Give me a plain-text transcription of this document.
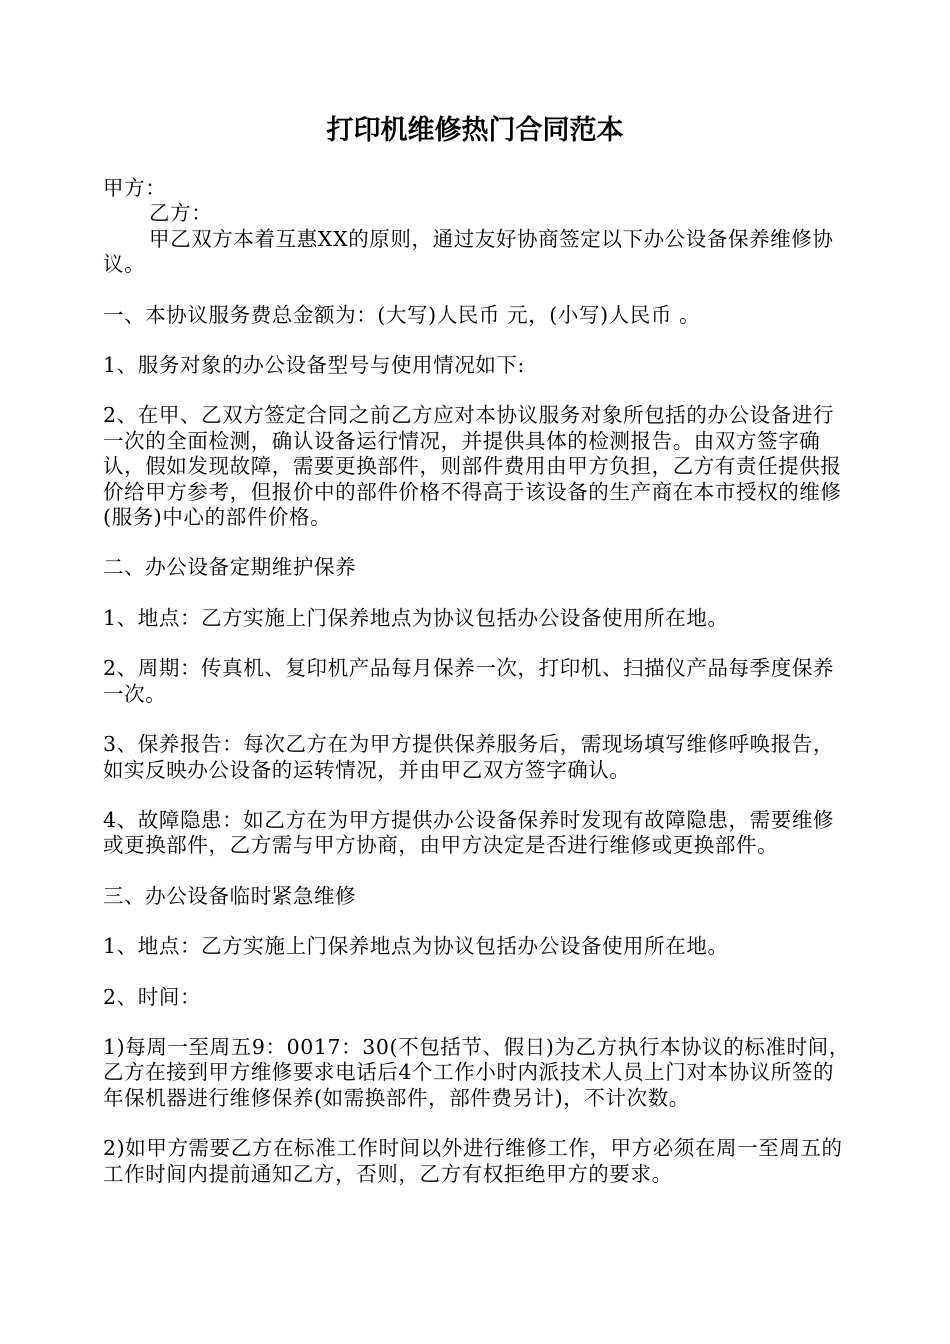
打印机维修热门合同范本

甲方：

乙方：

甲乙双方本着互惠XX的原则，通过友好协商签定以下办公设备保养维修协议。

一、本协议服务费总金额为：(大写)人民币 元，(小写)人民币 。

1、服务对象的办公设备型号与使用情况如下:

2、在甲、乙双方签定合同之前乙方应对本协议服务对象所包括的办公设备进行一次的全面检测，确认设备运行情况，并提供具体的检测报告。由双方签字确认，假如发现故障，需要更换部件，则部件费用由甲方负担，乙方有责任提供报价给甲方参考，但报价中的部件价格不得高于该设备的生产商在本市授权的维修(服务)中心的部件价格。

二、办公设备定期维护保养

1、地点：乙方实施上门保养地点为协议包括办公设备使用所在地。

2、周期：传真机、复印机产品每月保养一次，打印机、扫描仪产品每季度保养一次。

3、保养报告：每次乙方在为甲方提供保养服务后，需现场填写维修呼唤报告，如实反映办公设备的运转情况，并由甲乙双方签字确认。

4、故障隐患：如乙方在为甲方提供办公设备保养时发现有故障隐患，需要维修或更换部件，乙方需与甲方协商，由甲方决定是否进行维修或更换部件。

三、办公设备临时紧急维修

1、地点：乙方实施上门保养地点为协议包括办公设备使用所在地。

2、时间：

1)每周一至周五9：0017：30(不包括节、假日)为乙方执行本协议的标准时间，乙方在接到甲方维修要求电话后4个工作小时内派技术人员上门对本协议所签的年保机器进行维修保养(如需换部件，部件费另计)，不计次数。

2)如甲方需要乙方在标准工作时间以外进行维修工作，甲方必须在周一至周五的工作时间内提前通知乙方，否则，乙方有权拒绝甲方的要求。
